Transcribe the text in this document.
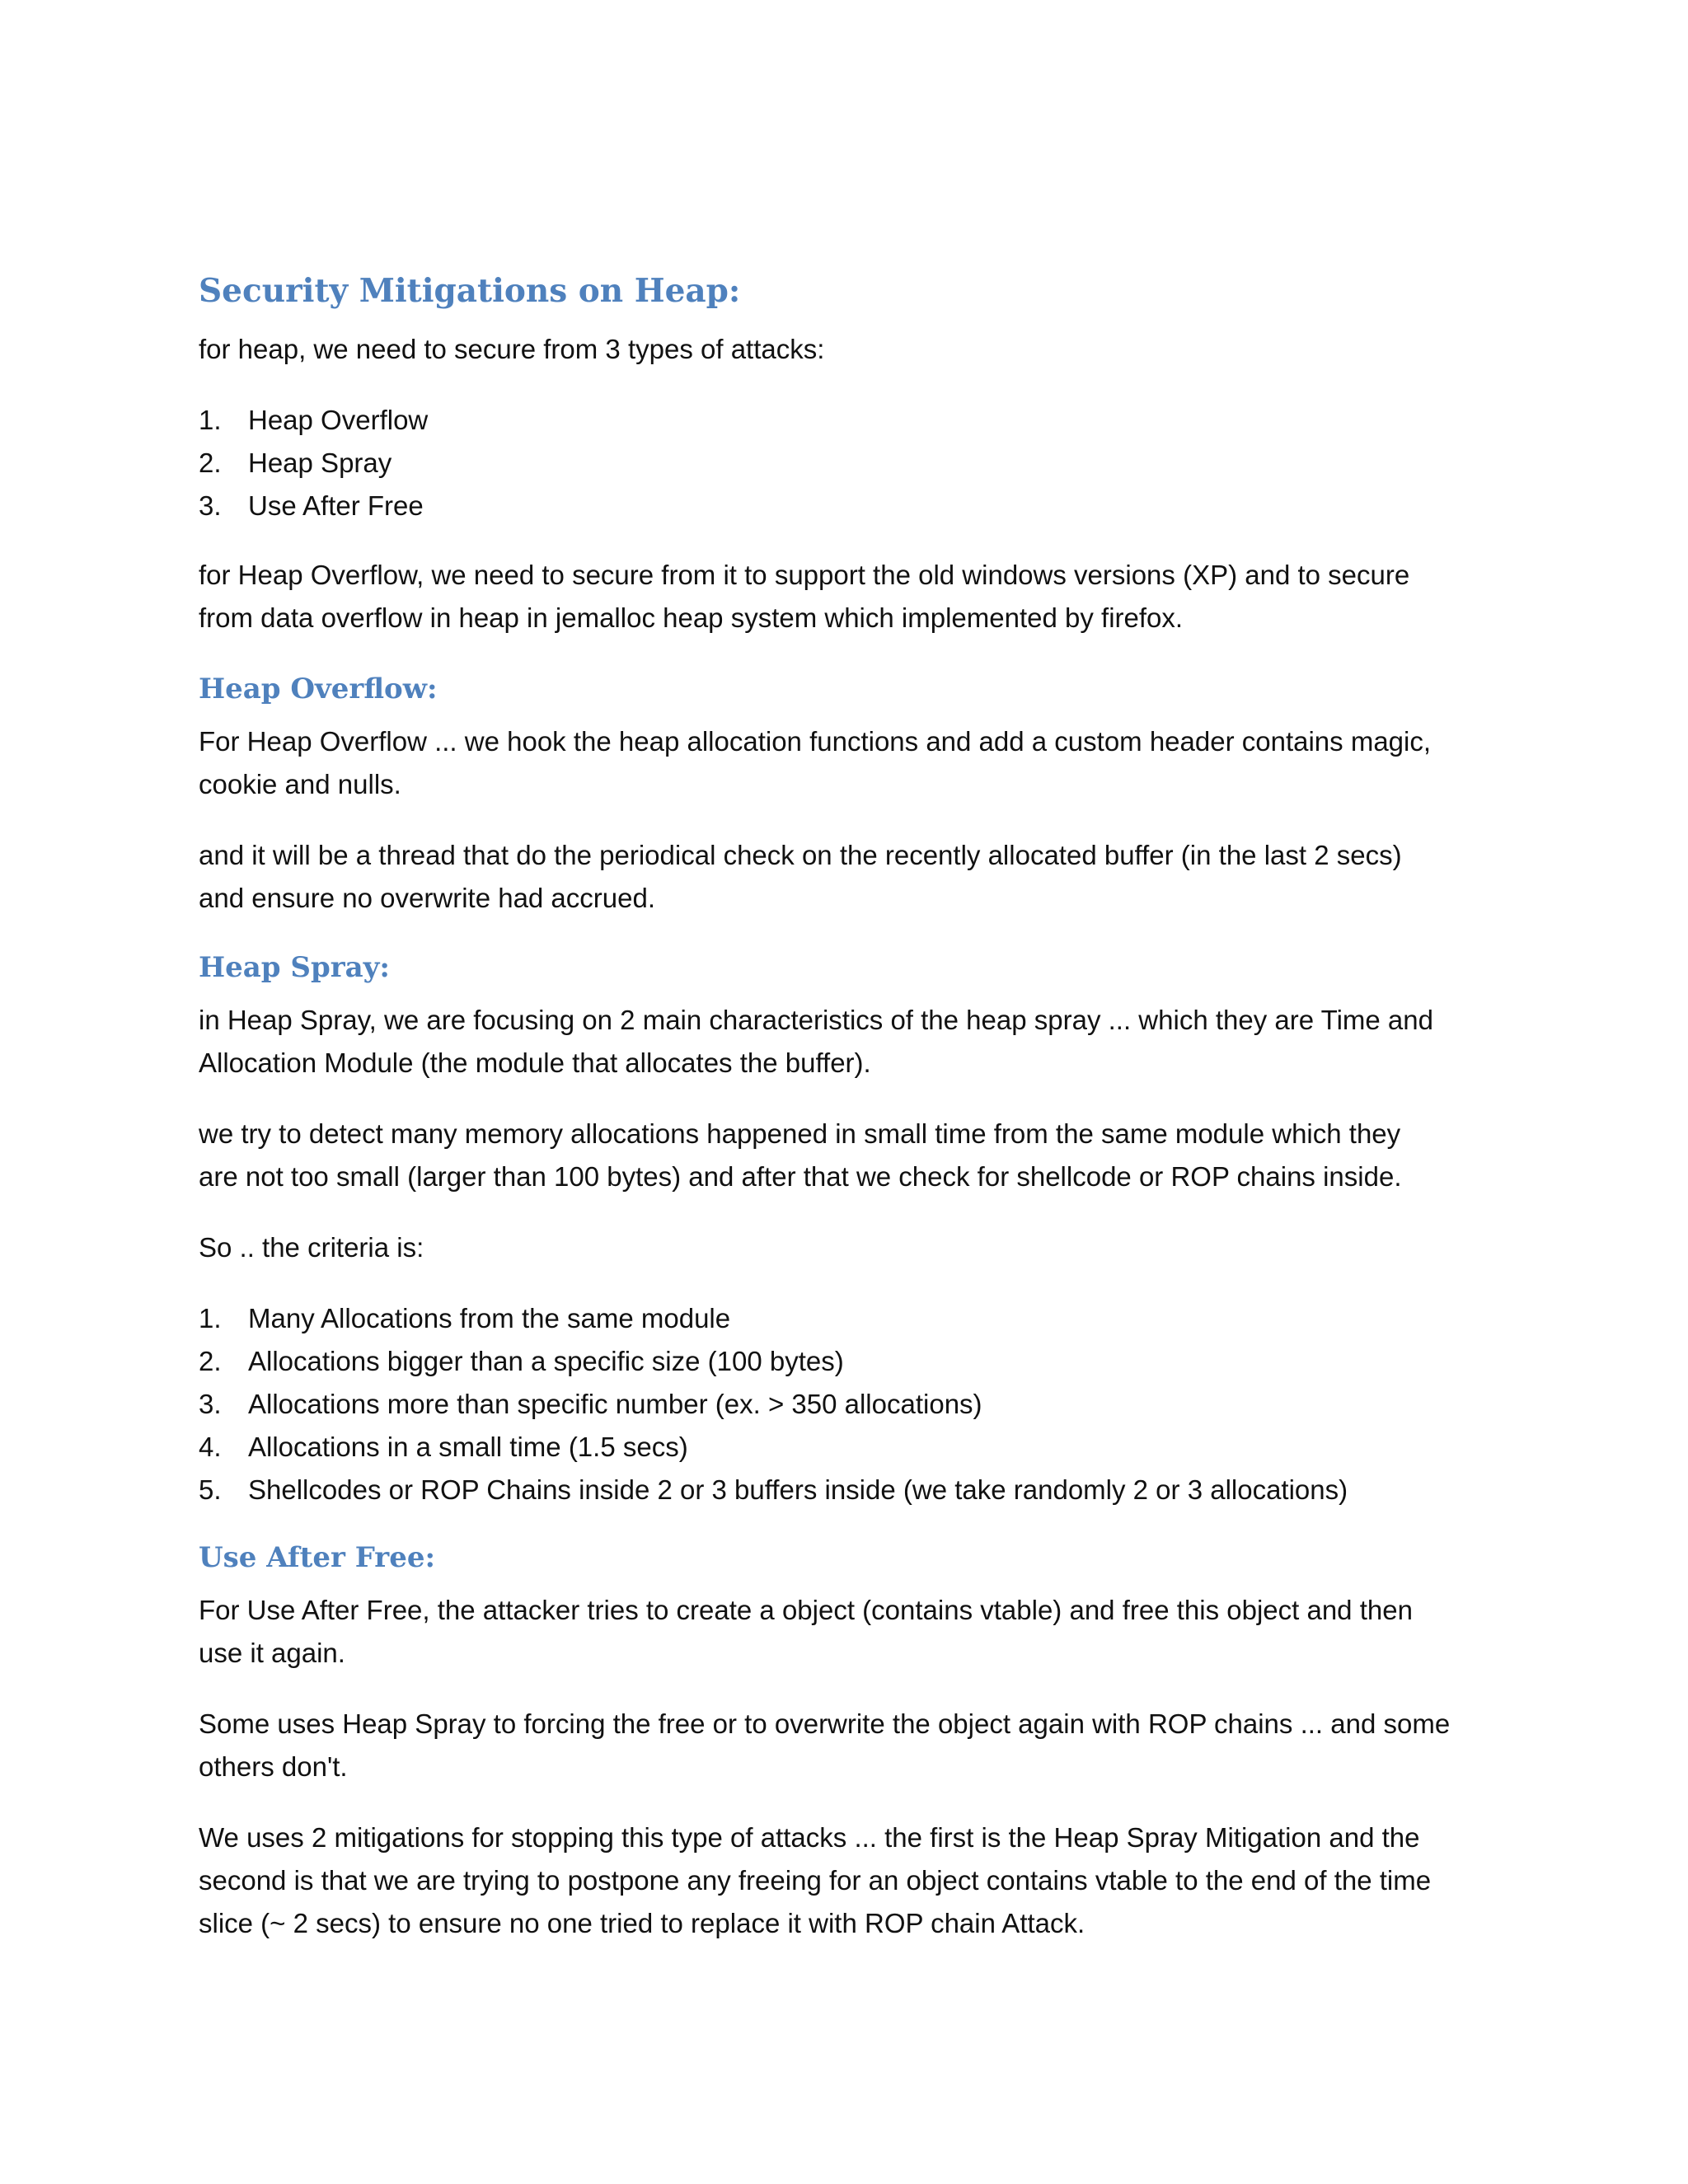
Security Mitigations on Heap:

for heap, we need to secure from 3 types of attacks:

1. Heap Overflow
2. Heap Spray
3. Use After Free

for Heap Overflow, we need to secure from it to support the old windows versions (XP) and to secure

from data overflow in heap in jemalloc heap system which implemented by firefox.

Heap Overflow:

For Heap Overflow ... we hook the heap allocation functions and add a custom header contains magic,

cookie and nulls.

and it will be a thread that do the periodical check on the recently allocated buffer (in the last 2 secs)

and ensure no overwrite had accrued.

Heap Spray:

in Heap Spray, we are focusing on 2 main characteristics of the heap spray ... which they are Time and

Allocation Module (the module that allocates the buffer).

we try to detect many memory allocations happened in small time from the same module which they

are not too small (larger than 100 bytes) and after that we check for shellcode or ROP chains inside.

So .. the criteria is:

1. Many Allocations from the same module
2. Allocations bigger than a specific size (100 bytes)
3. Allocations more than specific number (ex. > 350 allocations)
4. Allocations in a small time (1.5 secs)
5. Shellcodes or ROP Chains inside 2 or 3 buffers inside (we take randomly 2 or 3 allocations)
Use After Free:

For Use After Free, the attacker tries to create a object (contains vtable) and free this object and then

use it again.

Some uses Heap Spray to forcing the free or to overwrite the object again with ROP chains ... and some

others don't.

We uses 2 mitigations for stopping this type of attacks ... the first is the Heap Spray Mitigation and the

second is that we are trying to postpone any freeing for an object contains vtable to the end of the time

slice (~ 2 secs) to ensure no one tried to replace it with ROP chain Attack.
